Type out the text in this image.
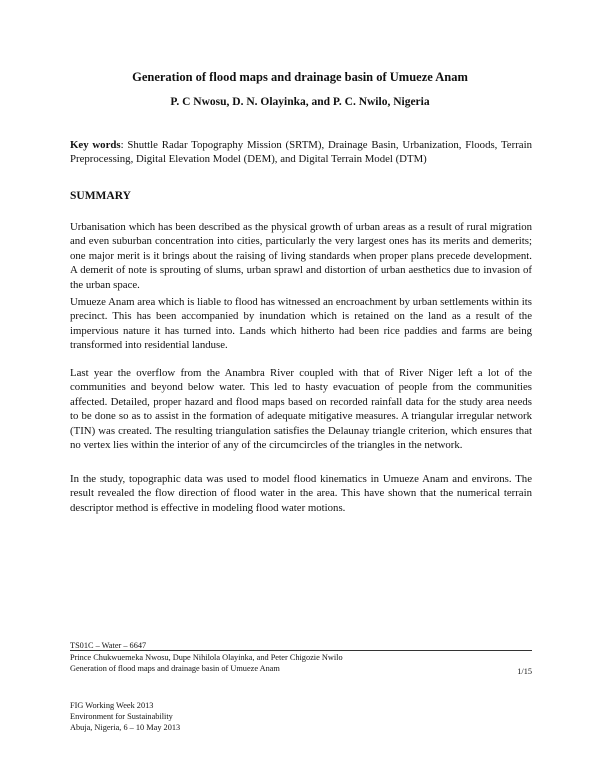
Generation of flood maps and drainage basin of Umueze Anam
P. C Nwosu, D. N. Olayinka, and P. C. Nwilo, Nigeria
Key words: Shuttle Radar Topography Mission (SRTM), Drainage Basin, Urbanization, Floods, Terrain Preprocessing, Digital Elevation Model (DEM), and Digital Terrain Model (DTM)
SUMMARY

Urbanisation which has been described as the physical growth of urban areas as a result of rural migration and even suburban concentration into cities, particularly the very largest ones has its merits and demerits; one major merit is it brings about the raising of living standards when proper plans precede development. A demerit of note is sprouting of slums, urban sprawl and distortion of urban aesthetics due to invasion of the urban space.

Umueze Anam area which is liable to flood has witnessed an encroachment by urban settlements within its precinct. This has been accompanied by inundation which is retained on the land as a result of the impervious nature it has turned into. Lands which hitherto had been rice paddies and farms are being transformed into residential landuse.

Last year the overflow from the Anambra River coupled with that of River Niger left a lot of the communities and beyond below water. This led to hasty evacuation of people from the communities affected. Detailed, proper hazard and flood maps based on recorded rainfall data for the study area needs to be done so as to assist in the formation of adequate mitigative measures. A triangular irregular network (TIN) was created. The resulting triangulation satisfies the Delaunay triangle criterion, which ensures that no vertex lies within the interior of any of the circumcircles of the triangles in the network.

In the study, topographic data was used to model flood kinematics in Umueze Anam and environs. The result revealed the flow direction of flood water in the area. This have shown that the numerical terrain descriptor method is effective in modeling flood water motions.

TS01C – Water – 6647
Prince Chukwuemeka Nwosu, Dupe Nihilola Olayinka, and Peter Chigozie Nwilo
Generation of flood maps and drainage basin of Umueze Anam	1/15
FIG Working Week 2013
Environment for Sustainability
Abuja, Nigeria, 6 – 10 May 2013
